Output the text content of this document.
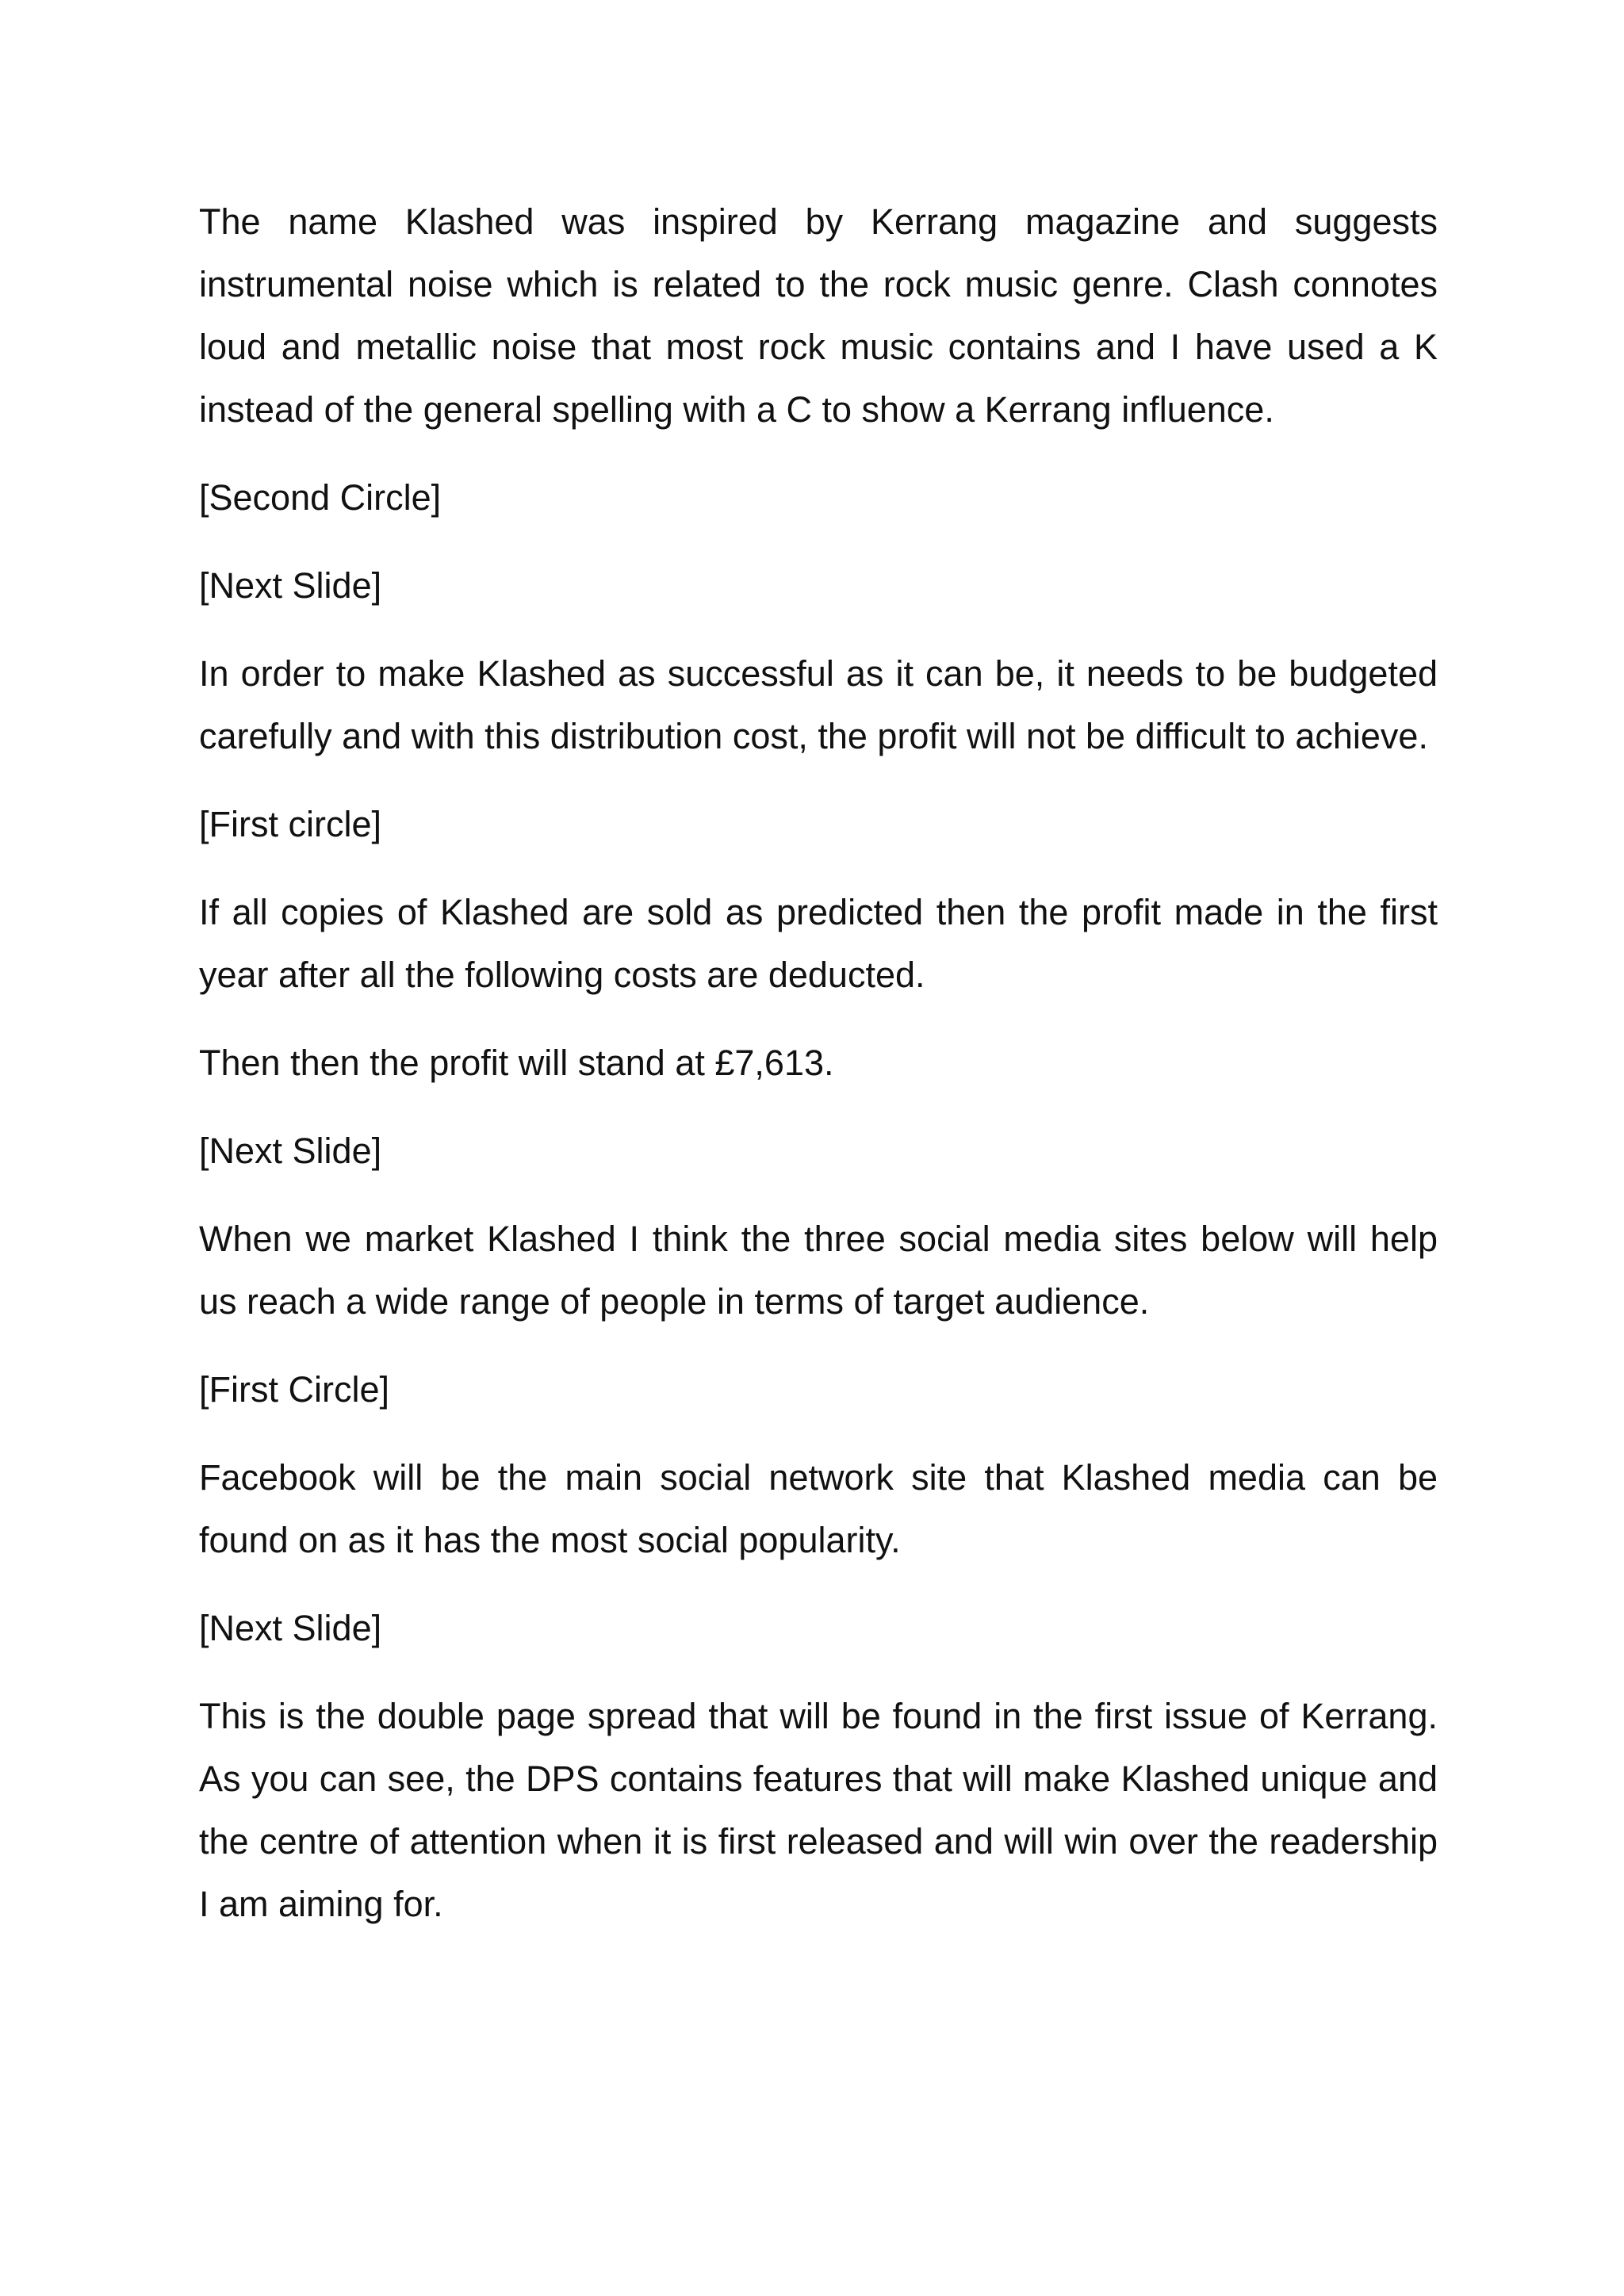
The name Klashed was inspired by Kerrang magazine and suggests instrumental noise which is related to the rock music genre. Clash connotes loud and metallic noise that most rock music contains and I have used a K instead of the general spelling with a C to show a Kerrang influence.

[Second Circle]

[Next Slide]

In order to make Klashed as successful as it can be, it needs to be budgeted carefully and with this distribution cost, the profit will not be difficult to achieve.

[First circle]

If all copies of Klashed are sold as predicted then the profit made in the first year after all the following costs are deducted.

Then then the profit will stand at £7,613.

[Next Slide]

When we market Klashed I think the three social media sites below will help us reach a wide range of people in terms of target audience.

[First Circle]

Facebook will be the main social network site that Klashed media can be found on as it has the most social popularity.

[Next Slide]

This is the double page spread that will be found in the first issue of Kerrang. As you can see, the DPS contains features that will make Klashed unique and the centre of attention when it is first released and will win over the readership I am aiming for.
